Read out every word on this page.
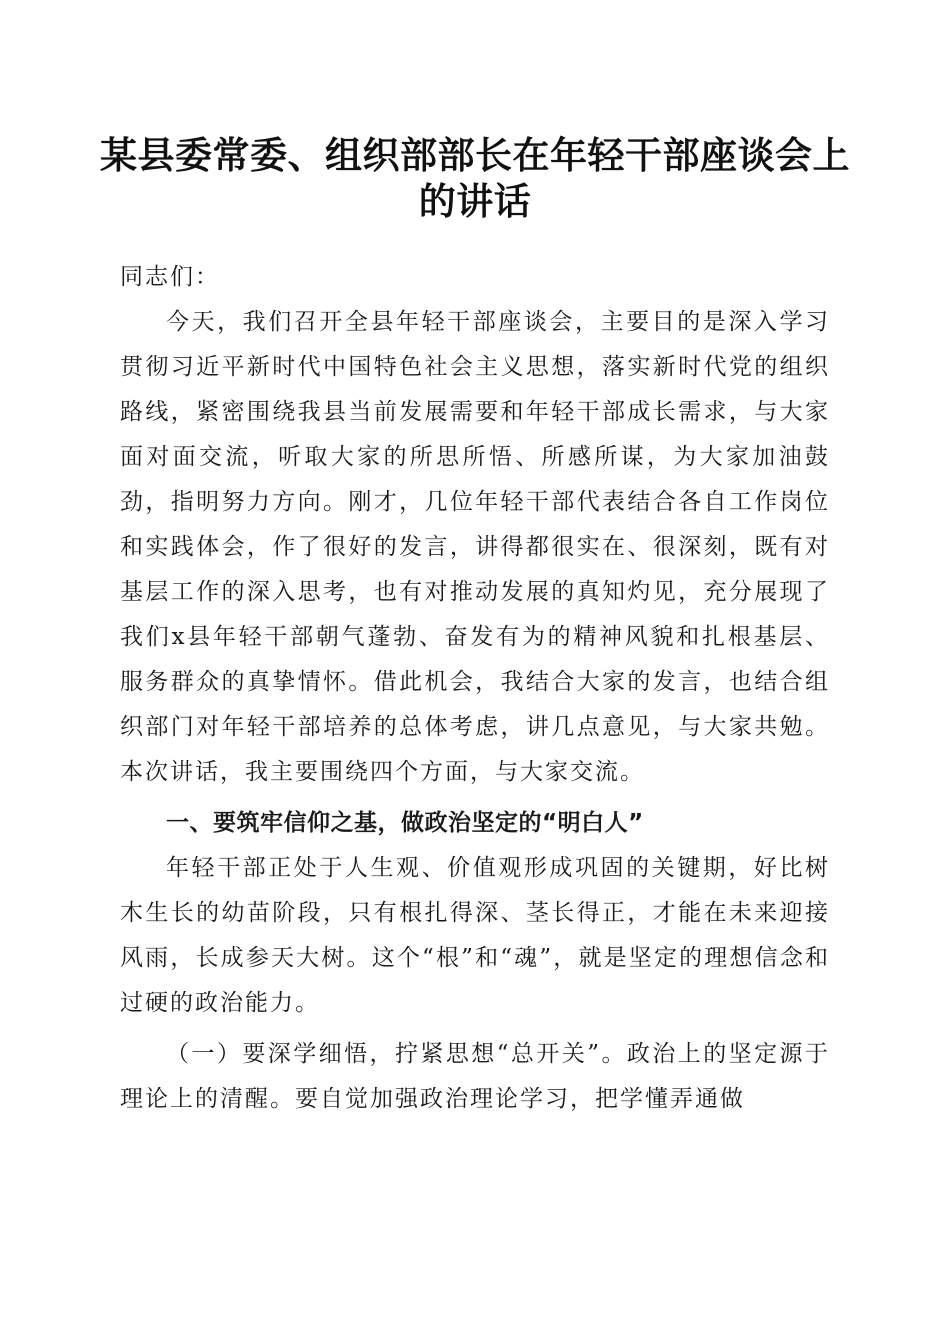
某县委常委、组织部部长在年轻干部座谈会上
的讲话

同志们：

今天，我们召开全县年轻干部座谈会，主要目的是深入学习贯彻习近平新时代中国特色社会主义思想，落实新时代党的组织路线，紧密围绕我县当前发展需要和年轻干部成长需求，与大家面对面交流，听取大家的所思所悟、所感所谋，为大家加油鼓劲，指明努力方向。刚才，几位年轻干部代表结合各自工作岗位和实践体会，作了很好的发言，讲得都很实在、很深刻，既有对基层工作的深入思考，也有对推动发展的真知灼见，充分展现了我们x县年轻干部朝气蓬勃、奋发有为的精神风貌和扎根基层、服务群众的真挚情怀。借此机会，我结合大家的发言，也结合组织部门对年轻干部培养的总体考虑，讲几点意见，与大家共勉。本次讲话，我主要围绕四个方面，与大家交流。

一、要筑牢信仰之基，做政治坚定的“明白人”

年轻干部正处于人生观、价值观形成巩固的关键期，好比树木生长的幼苗阶段，只有根扎得深、茎长得正，才能在未来迎接风雨，长成参天大树。这个“根”和“魂”，就是坚定的理想信念和过硬的政治能力。

（一）要深学细悟，拧紧思想“总开关”。政治上的坚定源于理论上的清醒。要自觉加强政治理论学习，把学懂弄通做
